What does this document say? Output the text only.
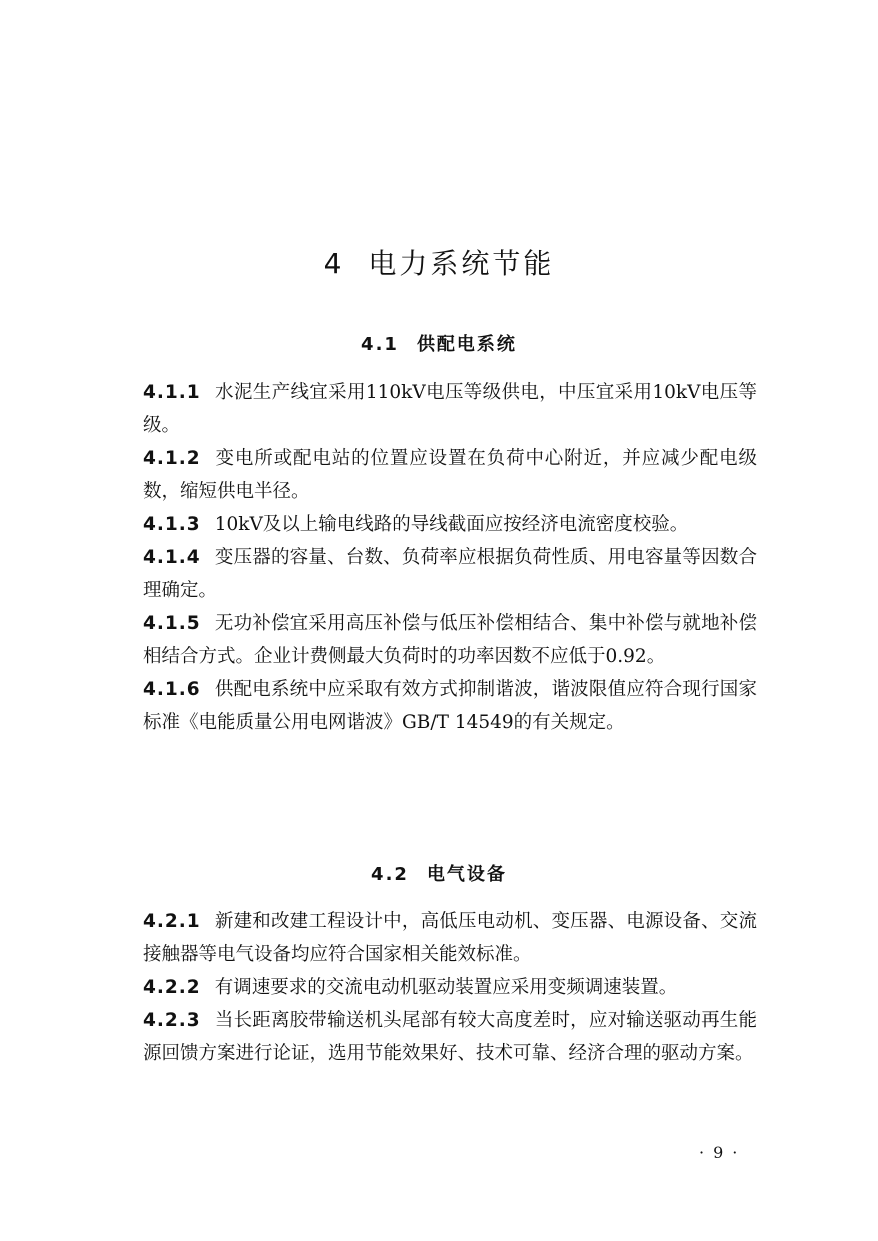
4 电力系统节能
4.1 供配电系统

4.1.1 水泥生产线宜采用110kV电压等级供电，中压宜采用10kV电压等级。

4.1.2 变电所或配电站的位置应设置在负荷中心附近，并应减少配电级数，缩短供电半径。

4.1.3 10kV及以上输电线路的导线截面应按经济电流密度校验。

4.1.4 变压器的容量、台数、负荷率应根据负荷性质、用电容量等因数合理确定。

4.1.5 无功补偿宜采用高压补偿与低压补偿相结合、集中补偿与就地补偿相结合方式。企业计费侧最大负荷时的功率因数不应低于0.92。

4.1.6 供配电系统中应采取有效方式抑制谐波，谐波限值应符合现行国家标准《电能质量公用电网谐波》GB/T 14549的有关规定。

4.2 电气设备

4.2.1 新建和改建工程设计中，高低压电动机、变压器、电源设备、交流接触器等电气设备均应符合国家相关能效标准。

4.2.2 有调速要求的交流电动机驱动装置应采用变频调速装置。

4.2.3 当长距离胶带输送机头尾部有较大高度差时，应对输送驱动再生能源回馈方案进行论证，选用节能效果好、技术可靠、经济合理的驱动方案。

· 9 ·
